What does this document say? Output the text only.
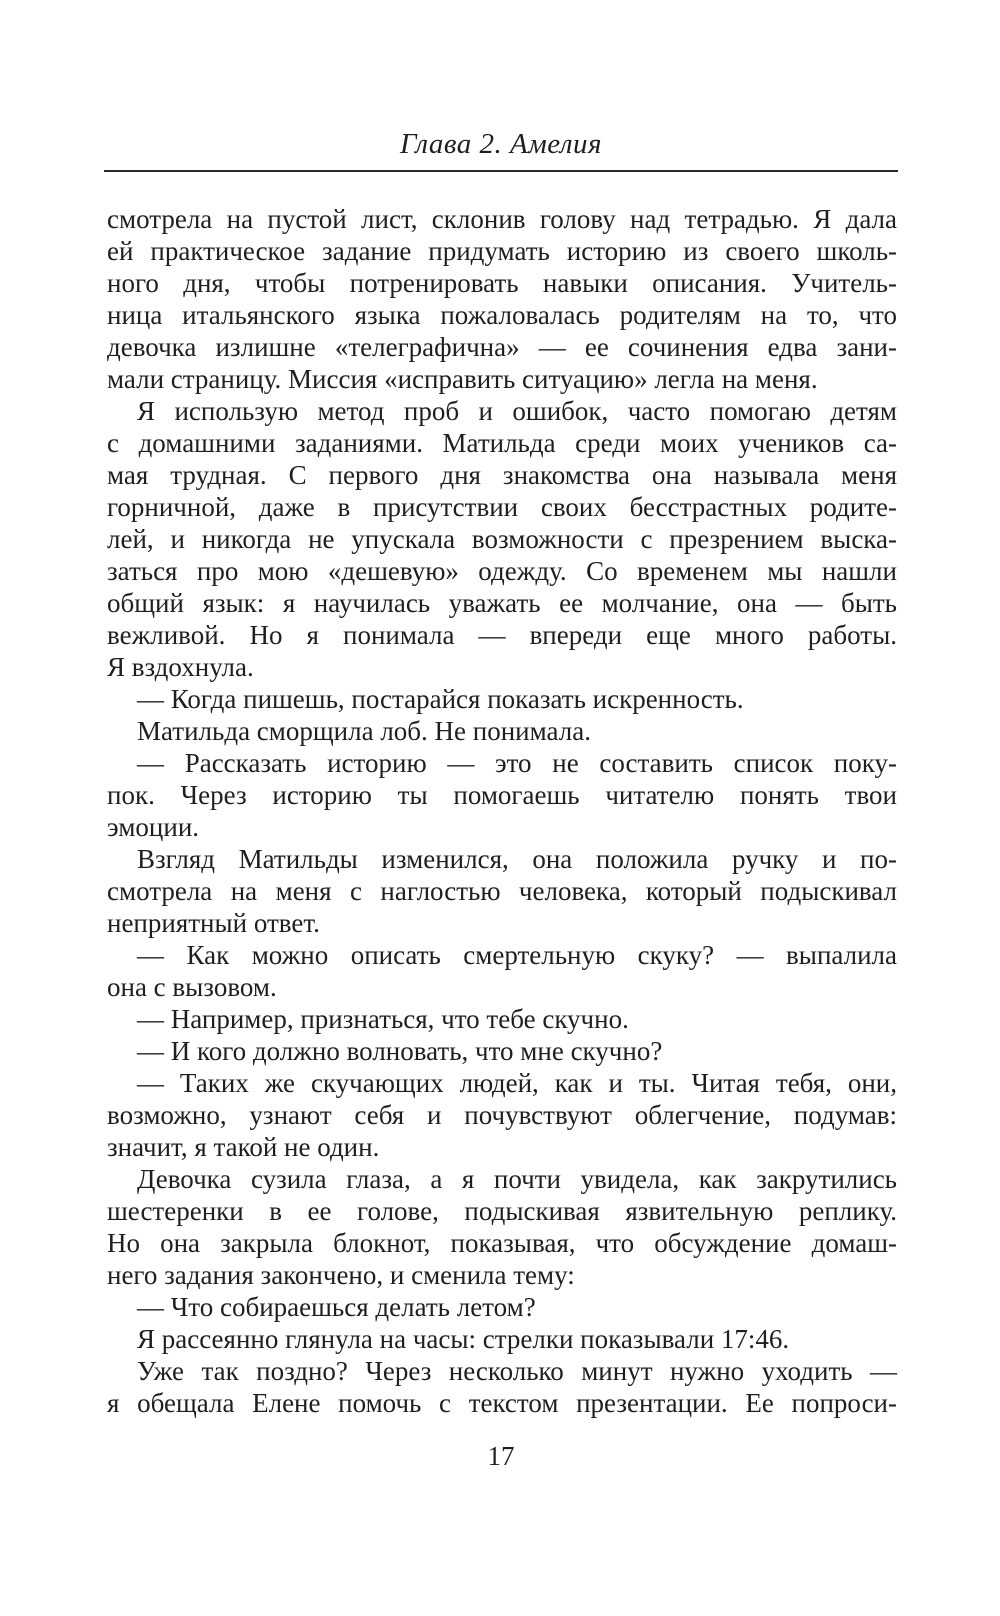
Глава 2. Амелия
смотрела на пустой лист, склонив голову над тетрадью. Я дала
ей практическое задание придумать историю из своего школь-
ного дня, чтобы потренировать навыки описания. Учитель-
ница итальянского языка пожаловалась родителям на то, что
девочка излишне «телеграфична» — ее сочинения едва зани-
мали страницу. Миссия «исправить ситуацию» легла на меня.
Я использую метод проб и ошибок, часто помогаю детям
с домашними заданиями. Матильда среди моих учеников са-
мая трудная. С первого дня знакомства она называла меня
горничной, даже в присутствии своих бесстрастных родите-
лей, и никогда не упускала возможности с презрением выска-
заться про мою «дешевую» одежду. Со временем мы нашли
общий язык: я научилась уважать ее молчание, она — быть
вежливой. Но я понимала — впереди еще много работы.
Я вздохнула.
— Когда пишешь, постарайся показать искренность.
Матильда сморщила лоб. Не понимала.
— Рассказать историю — это не составить список поку-
пок. Через историю ты помогаешь читателю понять твои
эмоции.
Взгляд Матильды изменился, она положила ручку и по-
смотрела на меня с наглостью человека, который подыскивал
неприятный ответ.
— Как можно описать смертельную скуку? — выпалила
она с вызовом.
— Например, признаться, что тебе скучно.
— И кого должно волновать, что мне скучно?
— Таких же скучающих людей, как и ты. Читая тебя, они,
возможно, узнают себя и почувствуют облегчение, подумав:
значит, я такой не один.
Девочка сузила глаза, а я почти увидела, как закрутились
шестеренки в ее голове, подыскивая язвительную реплику.
Но она закрыла блокнот, показывая, что обсуждение домаш-
него задания закончено, и сменила тему:
— Что собираешься делать летом?
Я рассеянно глянула на часы: стрелки показывали 17:46.
Уже так поздно? Через несколько минут нужно уходить —
я обещала Елене помочь с текстом презентации. Ее попроси-
17
